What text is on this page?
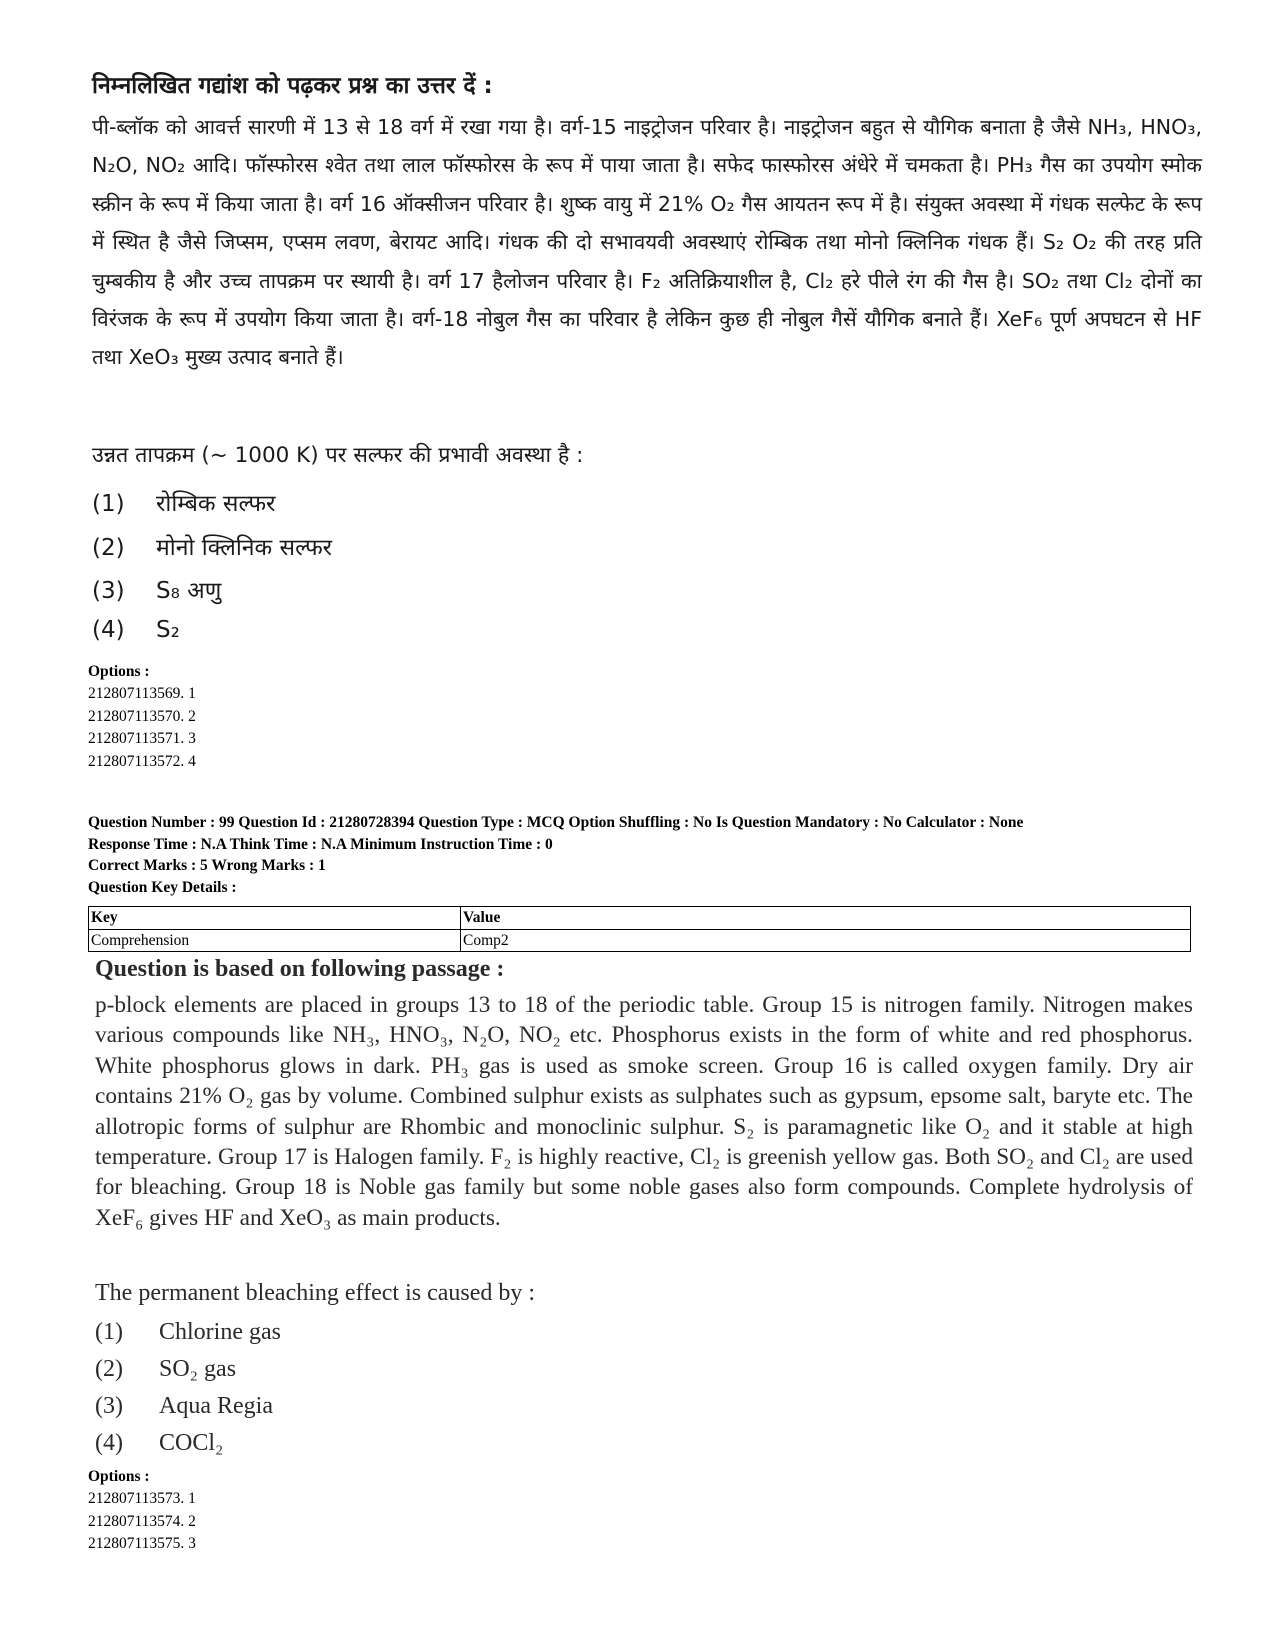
निम्नलिखित गद्यांश को पढ़कर प्रश्न का उत्तर दें :

पी-ब्लॉक को आवर्त्त सारणी में 13 से 18 वर्ग में रखा गया है। वर्ग-15 नाइट्रोजन परिवार है। नाइट्रोजन बहुत से यौगिक बनाता है जैसे NH₃, HNO₃, N₂O, NO₂ आदि। फॉस्फोरस श्वेत तथा लाल फॉस्फोरस के रूप में पाया जाता है। सफेद फास्फोरस अंधेरे में चमकता है। PH₃ गैस का उपयोग स्मोक स्क्रीन के रूप में किया जाता है। वर्ग 16 ऑक्सीजन परिवार है। शुष्क वायु में 21% O₂ गैस आयतन रूप में है। संयुक्त अवस्था में गंधक सल्फेट के रूप में स्थित है जैसे जिप्सम, एप्सम लवण, बेरायट आदि। गंधक की दो सभावयवी अवस्थाएं रोम्बिक तथा मोनो क्लिनिक गंधक हैं। S₂ O₂ की तरह प्रति चुम्बकीय है और उच्च तापक्रम पर स्थायी है। वर्ग 17 हैलोजन परिवार है। F₂ अतिक्रियाशील है, Cl₂ हरे पीले रंग की गैस है। SO₂ तथा Cl₂ दोनों का विरंजक के रूप में उपयोग किया जाता है। वर्ग-18 नोबुल गैस का परिवार है लेकिन कुछ ही नोबुल गैसें यौगिक बनाते हैं। XeF₆ पूर्ण अपघटन से HF तथा XeO₃ मुख्य उत्पाद बनाते हैं।

उन्नत तापक्रम (~ 1000 K) पर सल्फर की प्रभावी अवस्था है :

(1)	रोम्बिक सल्फर
(2)	मोनो क्लिनिक सल्फर
(3)	S₈ अणु
(4)	S₂

Options :

212807113569. 1
212807113570. 2
212807113571. 3
212807113572. 4

Question Number : 99 Question Id : 21280728394 Question Type : MCQ Option Shuffling : No Is Question Mandatory : No Calculator : None

Response Time : N.A Think Time : N.A Minimum Instruction Time : 0

Correct Marks : 5 Wrong Marks : 1

Question Key Details :

Key	Value
Comprehension	Comp2
Question is based on following passage :

p-block elements are placed in groups 13 to 18 of the periodic table. Group 15 is nitrogen family. Nitrogen makes various compounds like NH₃, HNO₃, N₂O, NO₂ etc. Phosphorus exists in the form of white and red phosphorus. White phosphorus glows in dark. PH₃ gas is used as smoke screen. Group 16 is called oxygen family. Dry air contains 21% O₂ gas by volume. Combined sulphur exists as sulphates such as gypsum, epsome salt, baryte etc. The allotropic forms of sulphur are Rhombic and monoclinic sulphur. S₂ is paramagnetic like O₂ and it stable at high temperature. Group 17 is Halogen family. F₂ is highly reactive, Cl₂ is greenish yellow gas. Both SO₂ and Cl₂ are used for bleaching. Group 18 is Noble gas family but some noble gases also form compounds. Complete hydrolysis of XeF₆ gives HF and XeO₃ as main products.

The permanent bleaching effect is caused by :

(1)	Chlorine gas
(2)	SO₂ gas
(3)	Aqua Regia
(4)	COCl₂

Options :

212807113573. 1
212807113574. 2
212807113575. 3
